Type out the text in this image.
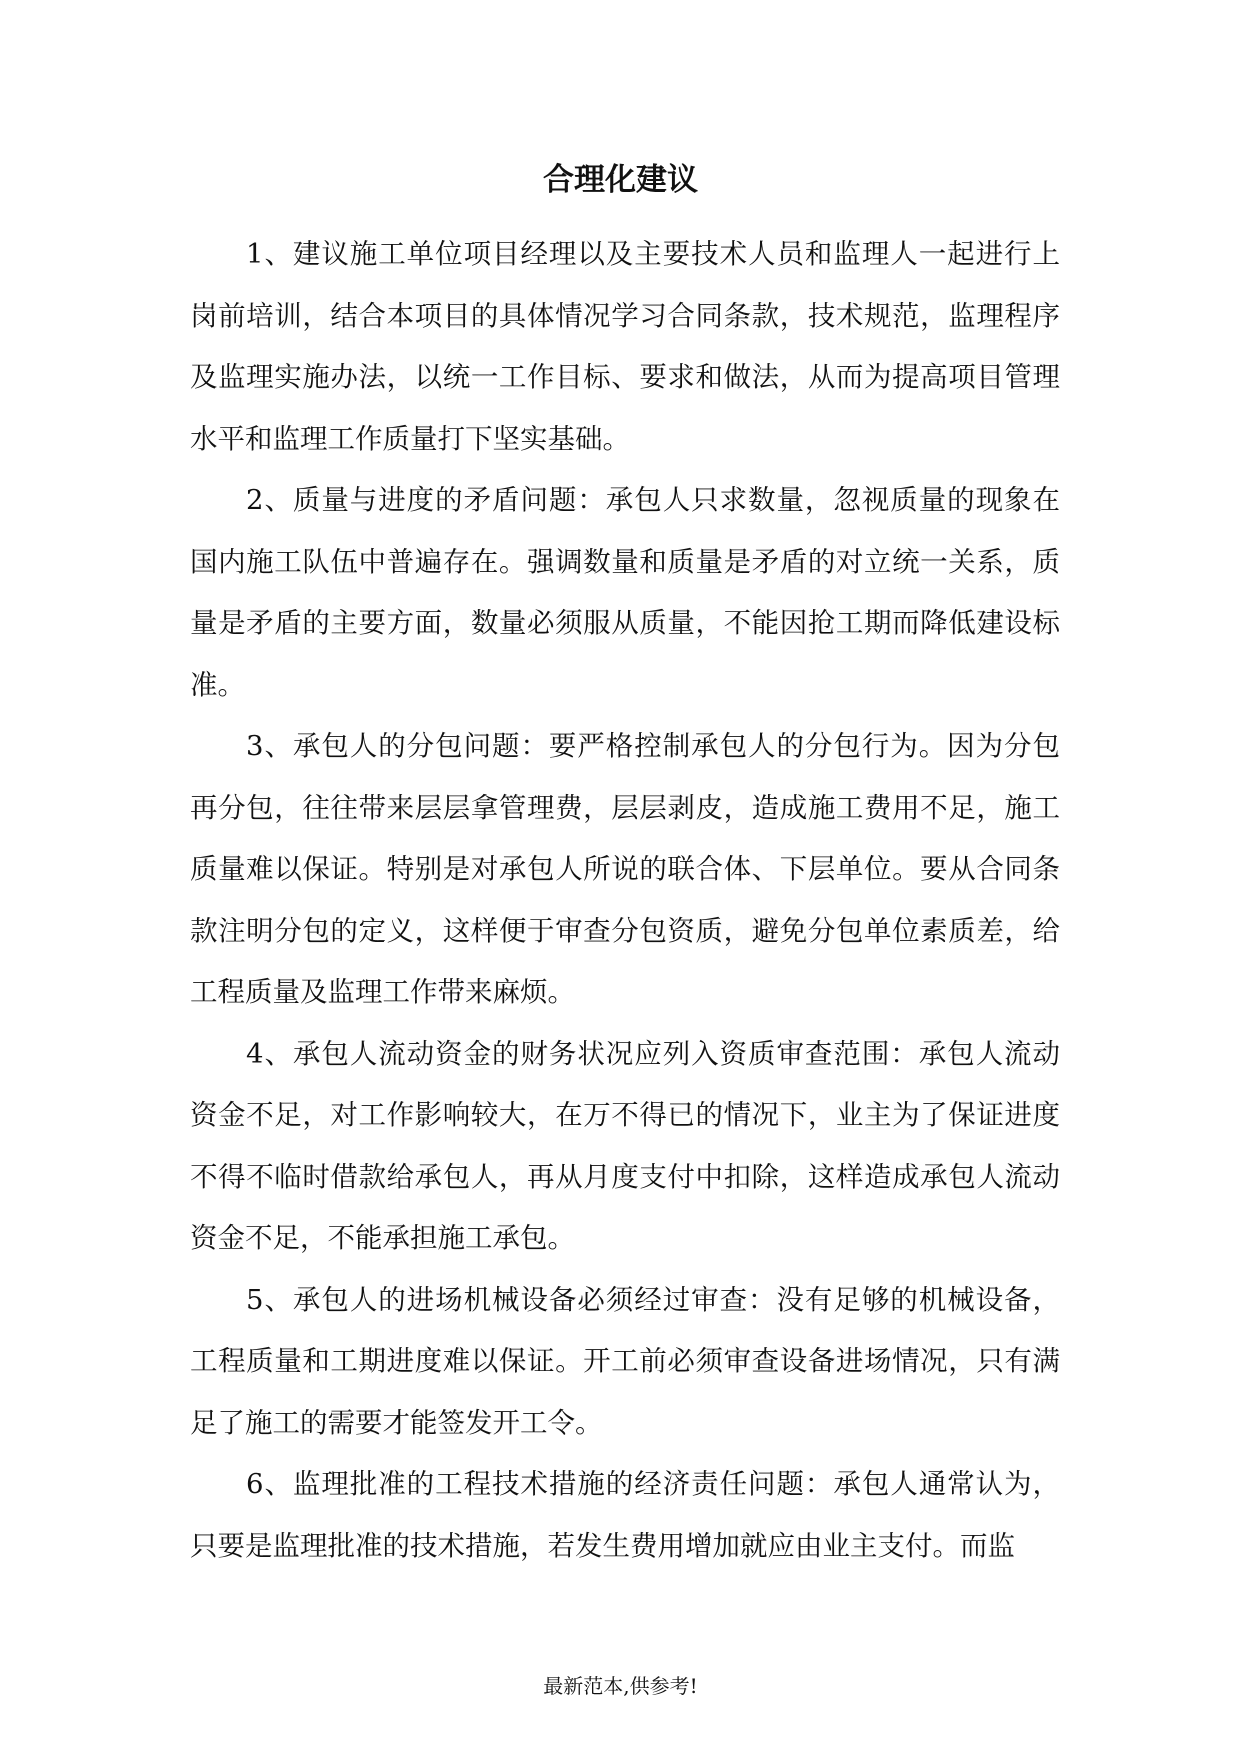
合理化建议

1、建议施工单位项目经理以及主要技术人员和监理人一起进行上岗前培训，结合本项目的具体情况学习合同条款，技术规范，监理程序及监理实施办法，以统一工作目标、要求和做法，从而为提高项目管理水平和监理工作质量打下坚实基础。

2、质量与进度的矛盾问题：承包人只求数量，忽视质量的现象在国内施工队伍中普遍存在。强调数量和质量是矛盾的对立统一关系，质量是矛盾的主要方面，数量必须服从质量，不能因抢工期而降低建设标准。

3、承包人的分包问题：要严格控制承包人的分包行为。因为分包再分包，往往带来层层拿管理费，层层剥皮，造成施工费用不足，施工质量难以保证。特别是对承包人所说的联合体、下层单位。要从合同条款注明分包的定义，这样便于审查分包资质，避免分包单位素质差，给工程质量及监理工作带来麻烦。

4、承包人流动资金的财务状况应列入资质审查范围：承包人流动资金不足，对工作影响较大，在万不得已的情况下，业主为了保证进度不得不临时借款给承包人，再从月度支付中扣除，这样造成承包人流动资金不足，不能承担施工承包。

5、承包人的进场机械设备必须经过审查：没有足够的机械设备，工程质量和工期进度难以保证。开工前必须审查设备进场情况，只有满足了施工的需要才能签发开工令。

6、监理批准的工程技术措施的经济责任问题：承包人通常认为，只要是监理批准的技术措施，若发生费用增加就应由业主支付。而监

最新范本,供参考!
